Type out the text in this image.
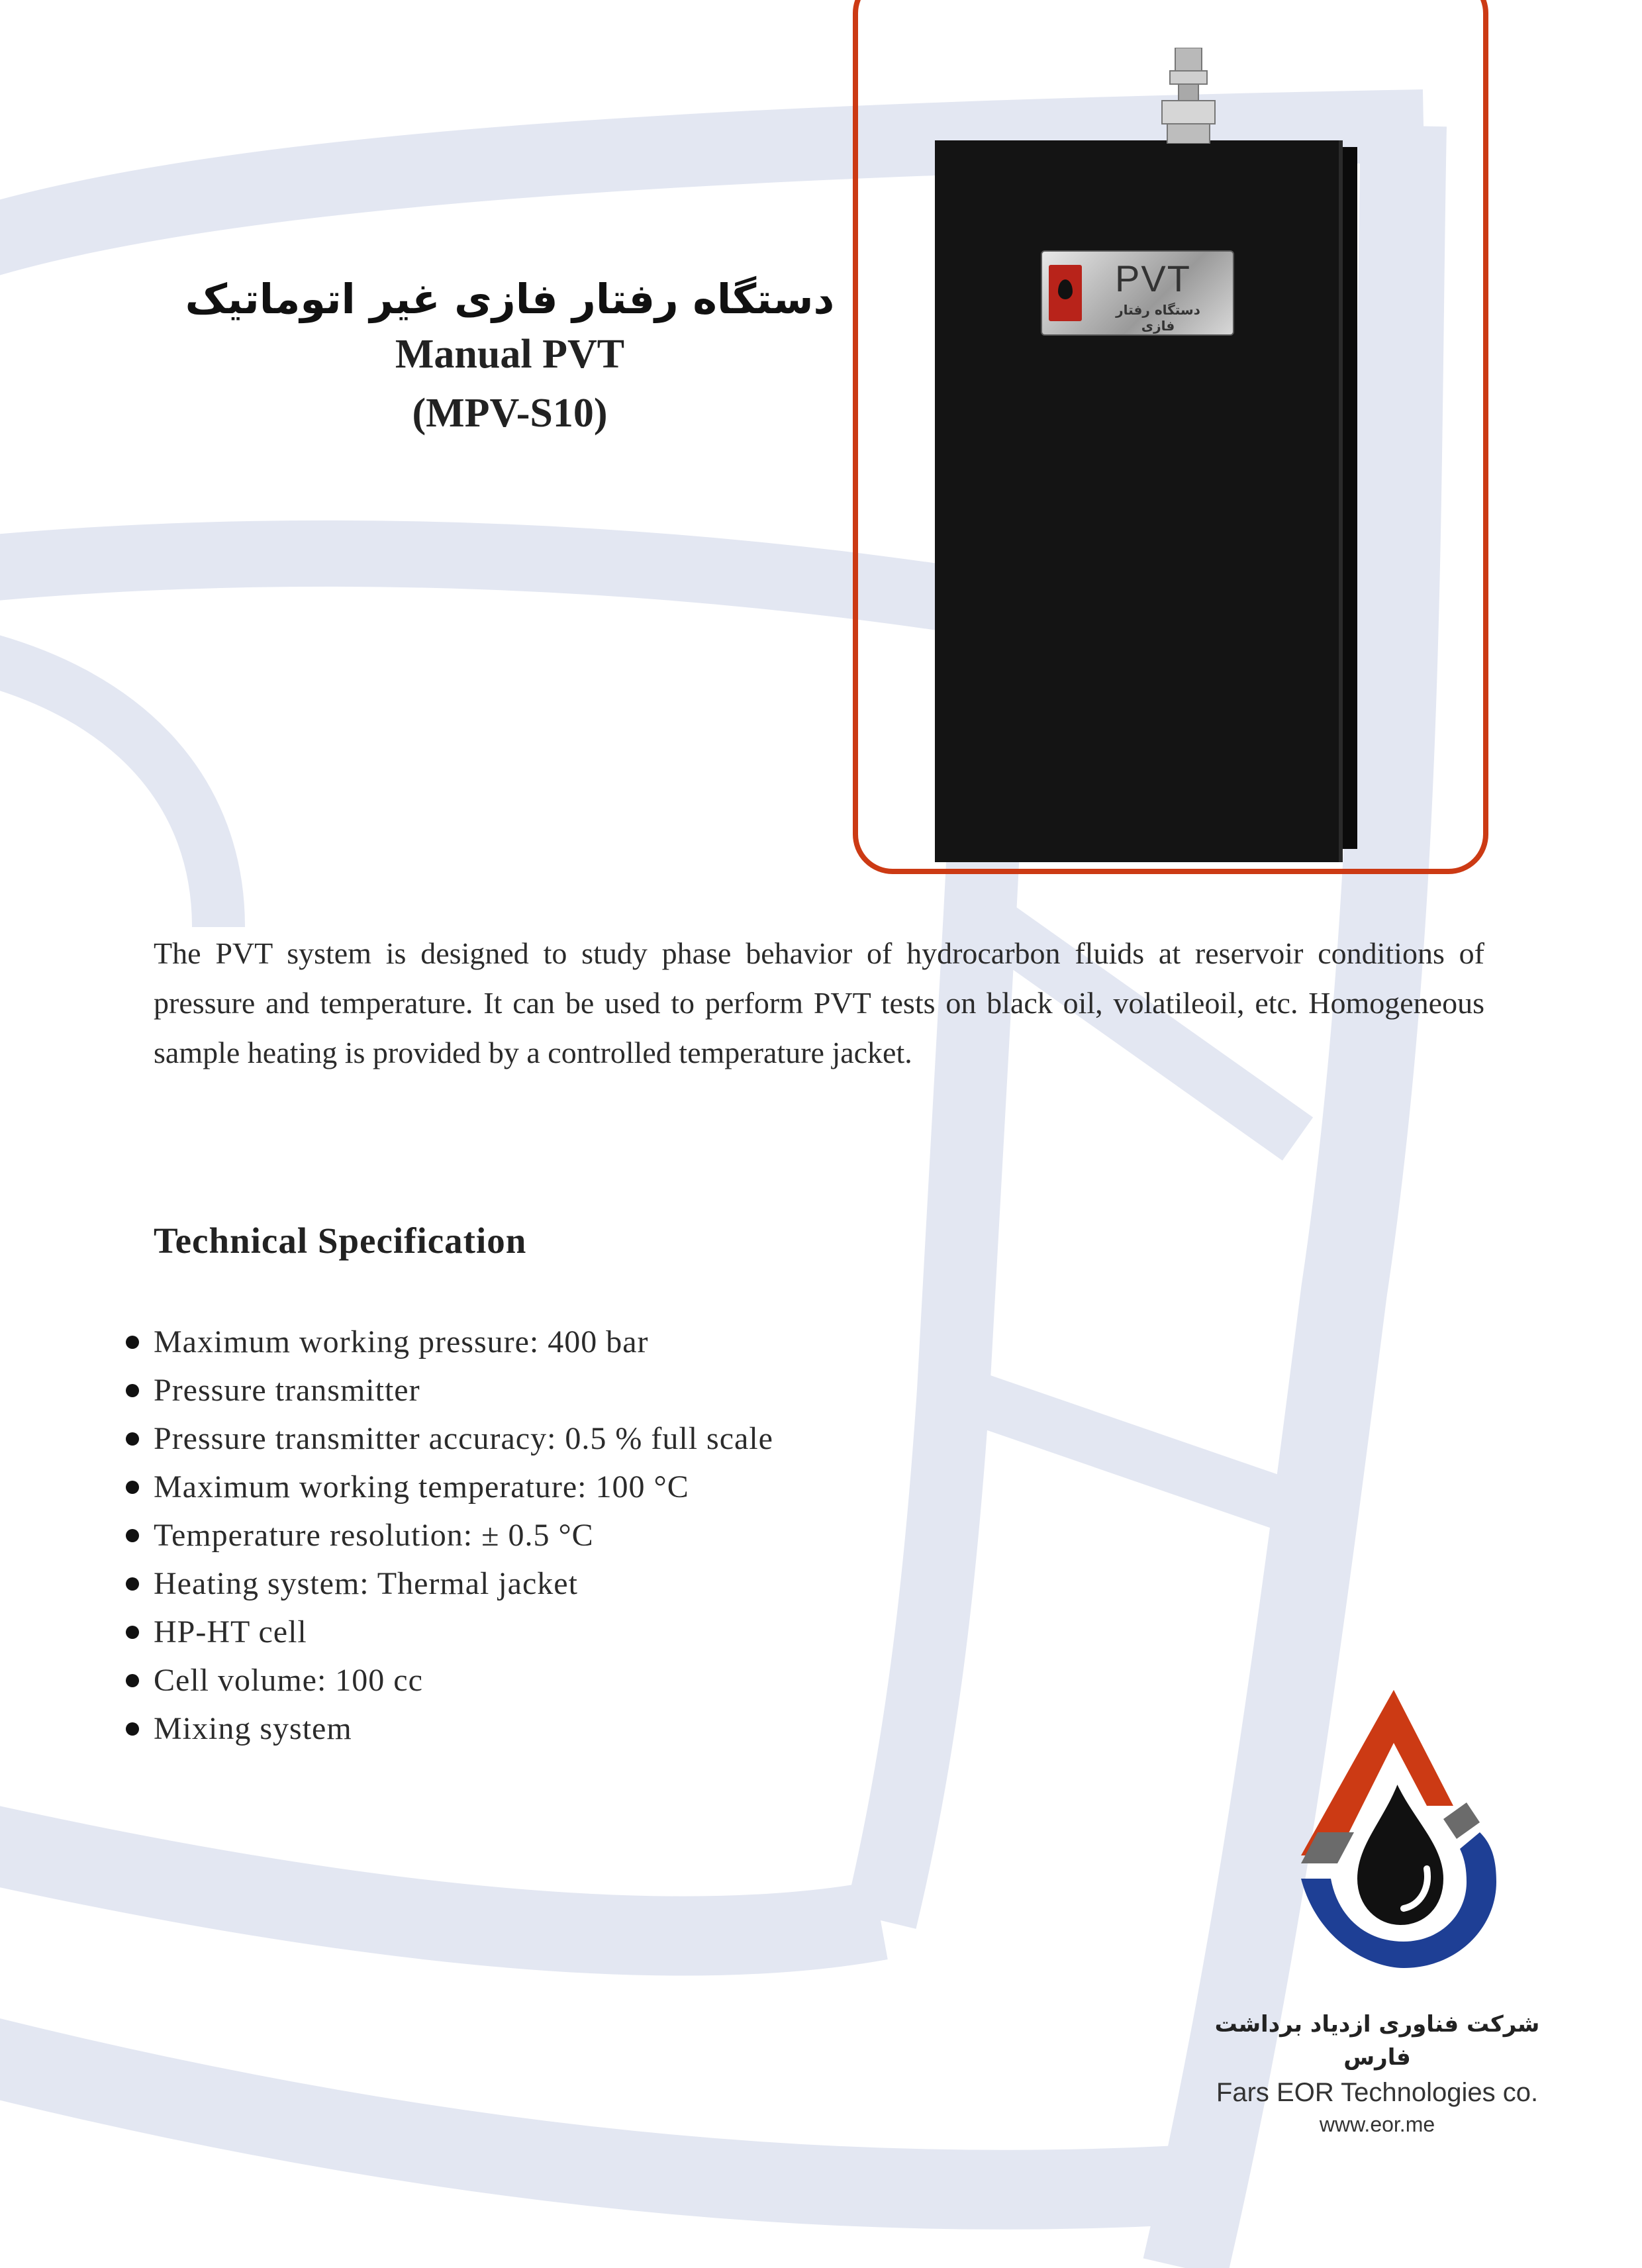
دستگاه رفتار فازی غیر اتوماتیک
Manual PVT
(MPV-S10)
PVT
دستگاه رفتار فازی

The PVT system is designed to study phase behavior of hydrocarbon fluids at reservoir conditions of pressure and temperature. It can be used to perform PVT tests on black oil, volatileoil, etc. Homogeneous sample heating is provided by a controlled temperature jacket.

Technical Specification
Maximum working pressure: 400 bar
Pressure transmitter
Pressure transmitter accuracy: 0.5 % full scale
Maximum working temperature: 100 °C
Temperature resolution: ± 0.5 °C
Heating system: Thermal jacket
HP-HT cell
Cell volume: 100 cc
Mixing system
شرکت فناوری ازدیاد برداشت فارس
Fars EOR Technologies co.
www.eor.me
